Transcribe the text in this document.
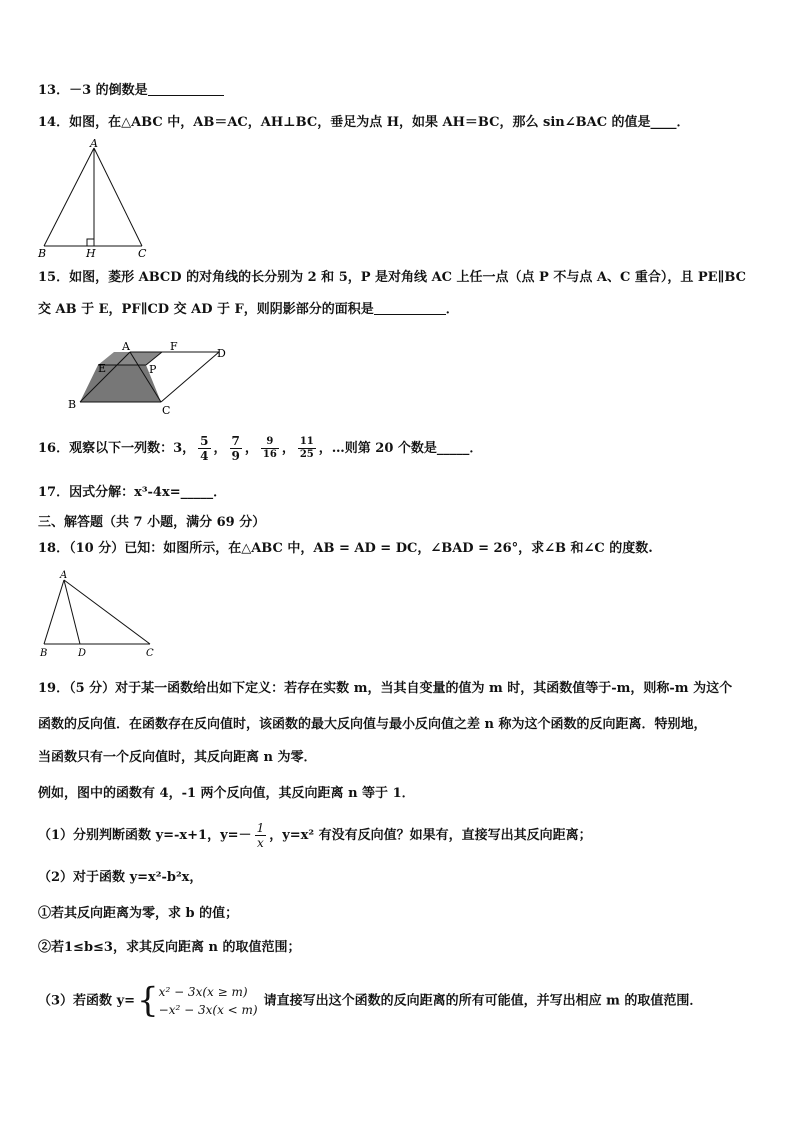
13．－3 的倒数是
14．如图，在△ABC 中，AB＝AC，AH⊥BC，垂足为点 H，如果 AH＝BC，那么 sin∠BAC 的值是____．
A
B	H	C
15．如图，菱形 ABCD 的对角线的长分别为 2 和 5，P 是对角线 AC 上任一点（点 P 不与点 A、C 重合），且 PE∥BC
交 AB 于 E，PF∥CD 交 AD 于 F，则阴影部分的面积是	．
A	F
D
E	P
B	C
16．观察以下一列数：3， $\frac{5}{4}$ ， $\frac{7}{9}$ ， $\frac{9}{16}$ ， $\frac{11}{25}$ ，…则第 20 个数是_____．
17．因式分解：x³-4x=_____．
三、解答题（共 7 小题，满分 69 分）
18．（10 分）已知：如图所示，在△ABC 中，AB = AD = DC，∠BAD = 26°，求∠B 和∠C 的度数.
A
B	D	C
19．（5 分）对于某一函数给出如下定义：若存在实数 m，当其自变量的值为 m 时，其函数值等于-m，则称-m 为这个
函数的反向值．在函数存在反向值时，该函数的最大反向值与最小反向值之差 n 称为这个函数的反向距离．特别地，
当函数只有一个反向值时，其反向距离 n 为零．
例如，图中的函数有 4，-1 两个反向值，其反向距离 n 等于 1．
（1）分别判断函数 y=-x+1，$y=- \frac{1}{x}$ ，y=x² 有没有反向值？如果有，直接写出其反向距离；
（2）对于函数 y=x²-b²x，
①若其反向距离为零，求 b 的值；
②若1≤b≤3，求其反向距离 n 的取值范围；
（3）若函数 y={ x² − 3x(x ≥ m)
−x² − 3x(x < m)
请直接写出这个函数的反向距离的所有可能值，并写出相应 m 的取值范围．
